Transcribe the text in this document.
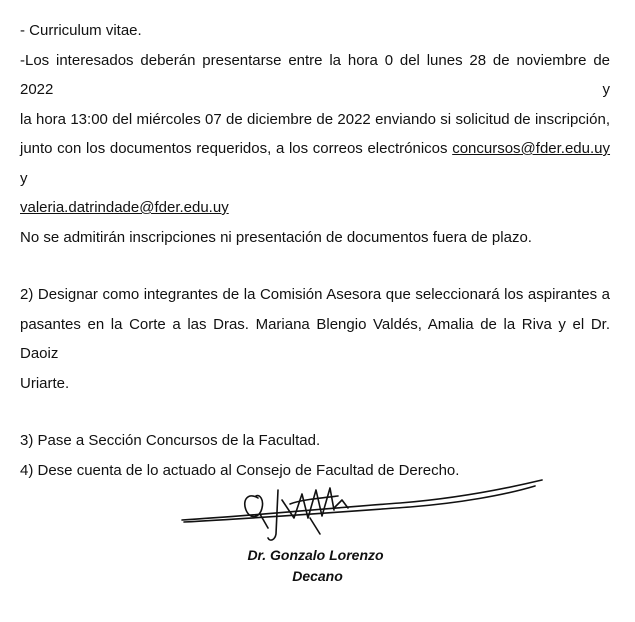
- Curriculum vitae.
-Los interesados deberán presentarse entre la hora 0 del lunes 28 de noviembre de 2022 y
la hora 13:00 del miércoles 07 de diciembre de 2022 enviando si solicitud de inscripción,
junto con los documentos requeridos, a los correos electrónicos concursos@fder.edu.uy y
valeria.datrindade@fder.edu.uy
No se admitirán inscripciones ni presentación de documentos fuera de plazo.
2) Designar como integrantes de la Comisión Asesora que seleccionará los aspirantes a
pasantes en la Corte a las Dras. Mariana Blengio Valdés, Amalia de la Riva y el Dr. Daoiz
Uriarte.
3) Pase a Sección Concursos de la Facultad.
4) Dese cuenta de lo actuado al Consejo de Facultad de Derecho.
Dr. Gonzalo Lorenzo
Decano
